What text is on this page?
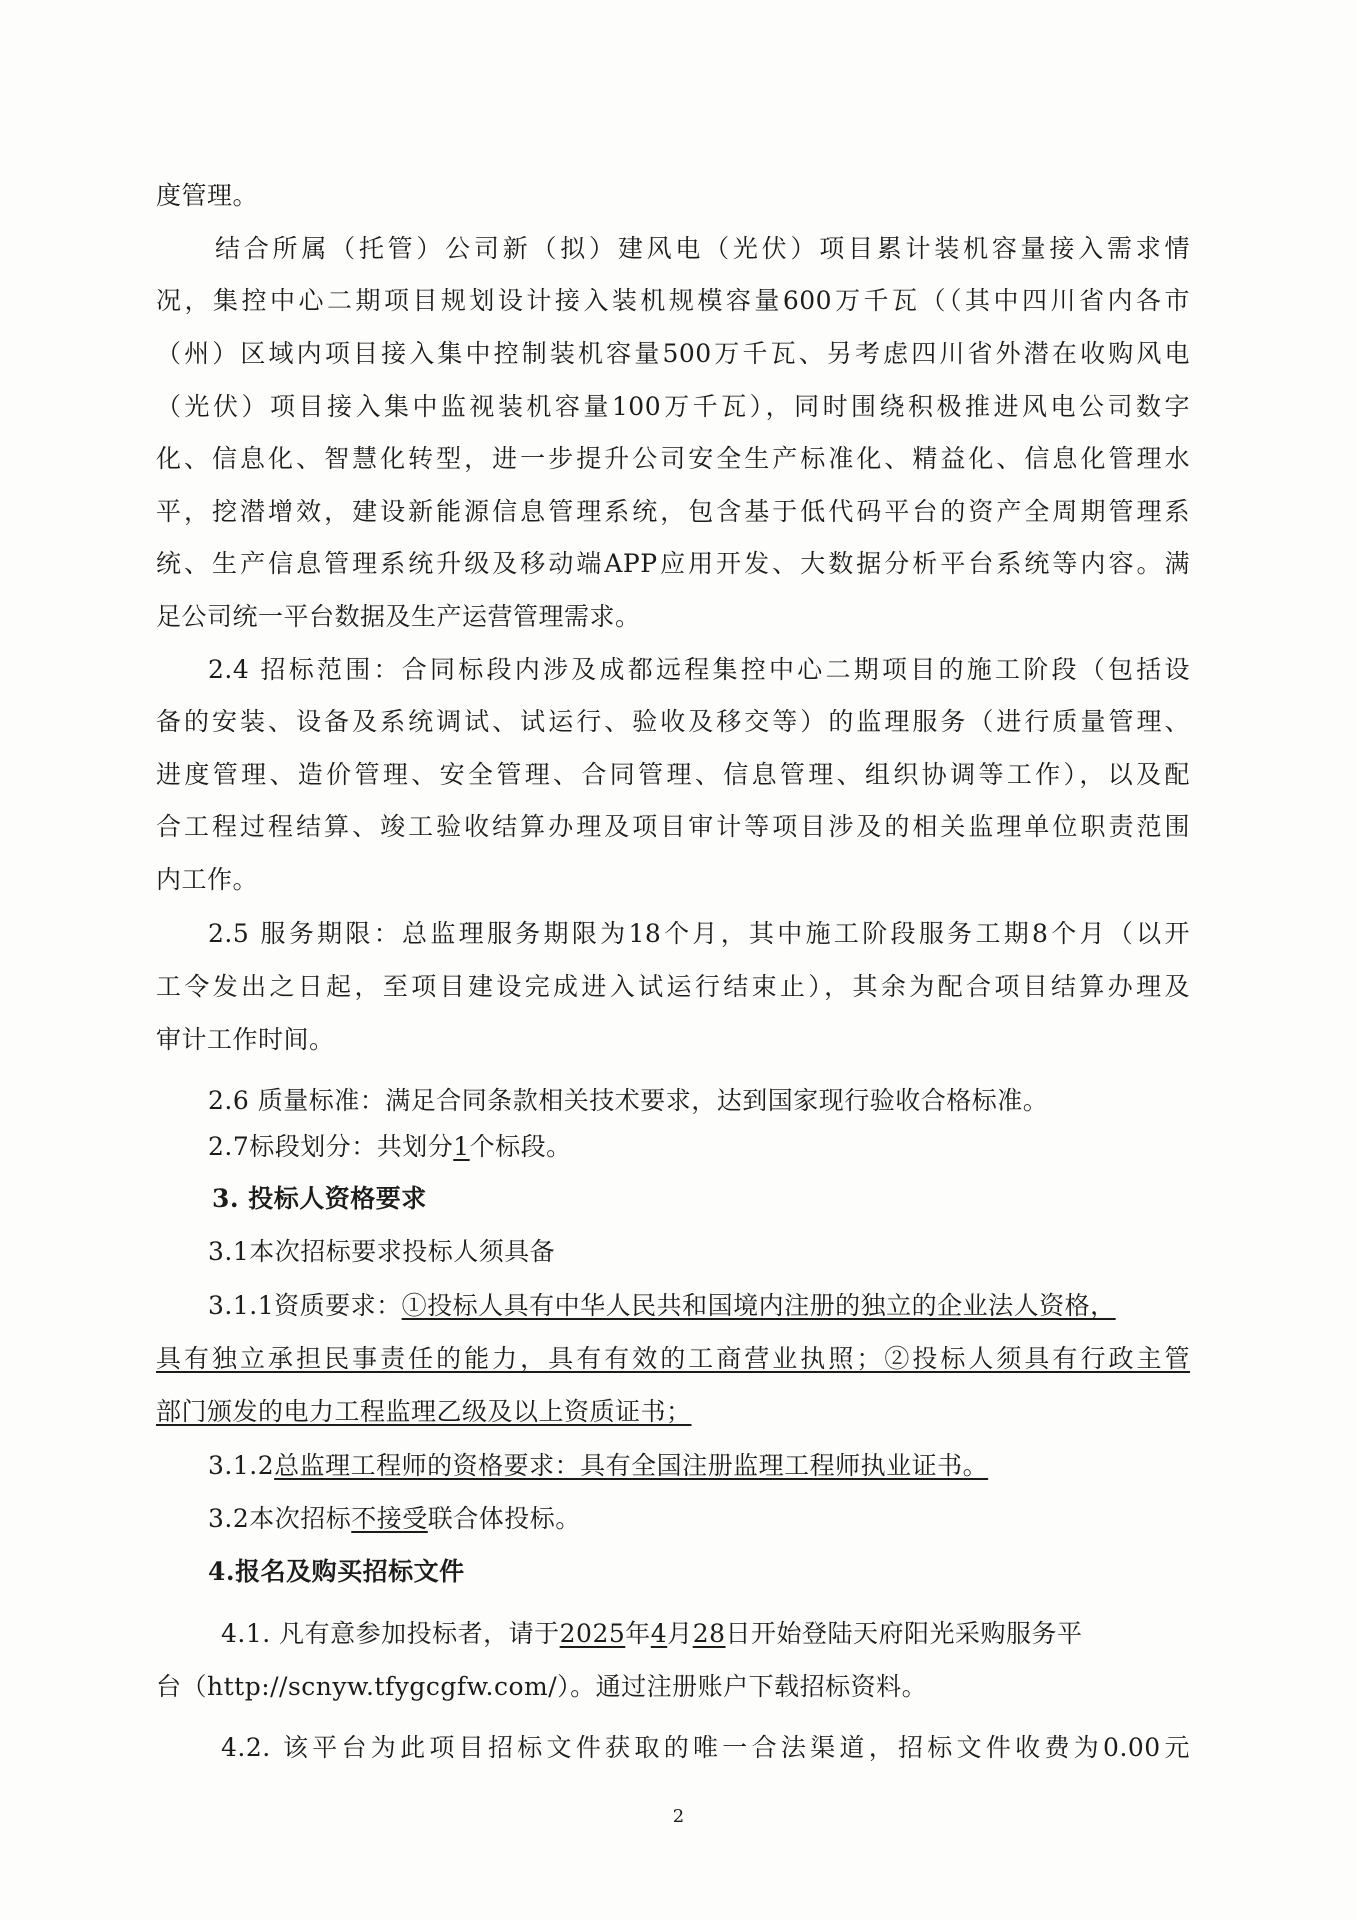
度管理。
结合所属（托管）公司新（拟）建风电（光伏）项目累计装机容量接入需求情
况，集控中心二期项目规划设计接入装机规模容量600万千瓦（（其中四川省内各市
（州）区域内项目接入集中控制装机容量500万千瓦、另考虑四川省外潜在收购风电
（光伏）项目接入集中监视装机容量100万千瓦），同时围绕积极推进风电公司数字
化、信息化、智慧化转型，进一步提升公司安全生产标准化、精益化、信息化管理水
平，挖潜增效，建设新能源信息管理系统，包含基于低代码平台的资产全周期管理系
统、生产信息管理系统升级及移动端APP应用开发、大数据分析平台系统等内容。满
足公司统一平台数据及生产运营管理需求。
2.4 招标范围：合同标段内涉及成都远程集控中心二期项目的施工阶段（包括设
备的安装、设备及系统调试、试运行、验收及移交等）的监理服务（进行质量管理、
进度管理、造价管理、安全管理、合同管理、信息管理、组织协调等工作），以及配
合工程过程结算、竣工验收结算办理及项目审计等项目涉及的相关监理单位职责范围
内工作。
2.5 服务期限：总监理服务期限为18个月，其中施工阶段服务工期8个月（以开
工令发出之日起，至项目建设完成进入试运行结束止），其余为配合项目结算办理及
审计工作时间。
2.6 质量标准：满足合同条款相关技术要求，达到国家现行验收合格标准。
2.7标段划分：共划分1个标段。
3. 投标人资格要求
3.1本次招标要求投标人须具备
3.1.1资质要求：①投标人具有中华人民共和国境内注册的独立的企业法人资格，
具有独立承担民事责任的能力，具有有效的工商营业执照；②投标人须具有行政主管
部门颁发的电力工程监理乙级及以上资质证书；
3.1.2总监理工程师的资格要求：具有全国注册监理工程师执业证书。
3.2本次招标不接受联合体投标。
4.报名及购买招标文件
4.1. 凡有意参加投标者，请于2025年4月28日开始登陆天府阳光采购服务平
台（http://scnyw.tfygcgfw.com/）。通过注册账户下载招标资料。
4.2. 该平台为此项目招标文件获取的唯一合法渠道，招标文件收费为0.00元
2
